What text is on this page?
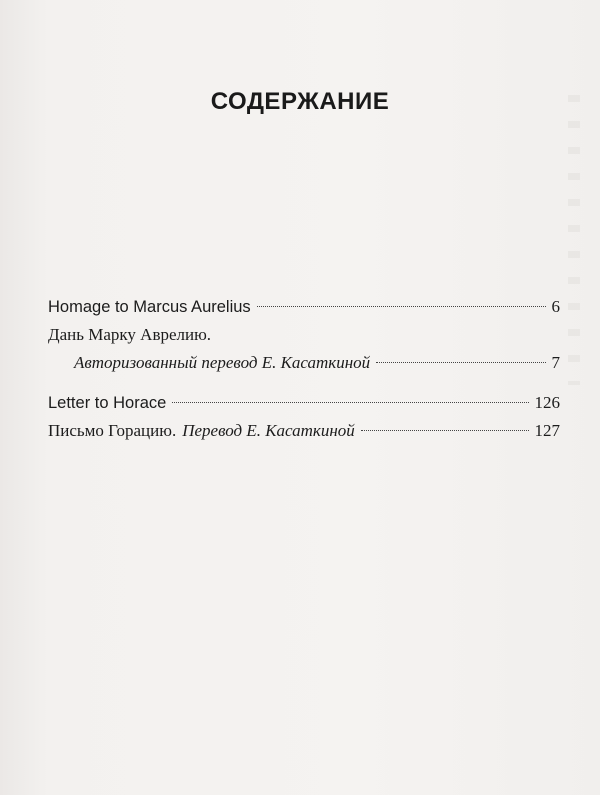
СОДЕРЖАНИЕ
Homage to Marcus Aurelius	6
Дань Марку Аврелию.
Авторизованный перевод Е. Касаткиной	7
Letter to Horace	126
Письмо Горацию. Перевод Е. Касаткиной	127
